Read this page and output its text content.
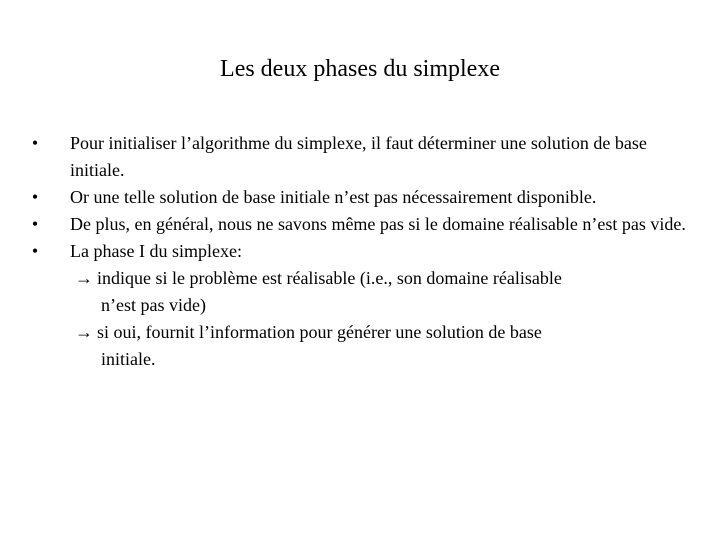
Les deux phases du simplexe
• Pour initialiser l’algorithme du simplexe, il faut déterminer une solution de base initiale.
• Or une telle solution de base initiale n’est pas nécessairement disponible.
• De plus, en général, nous ne savons même pas si le domaine réalisable n’est pas vide.
• La phase I du simplexe:
→ indique si le problème est réalisable (i.e., son domaine réalisable
n’est pas vide)
→ si oui, fournit l’information pour générer une solution de base
initiale.
